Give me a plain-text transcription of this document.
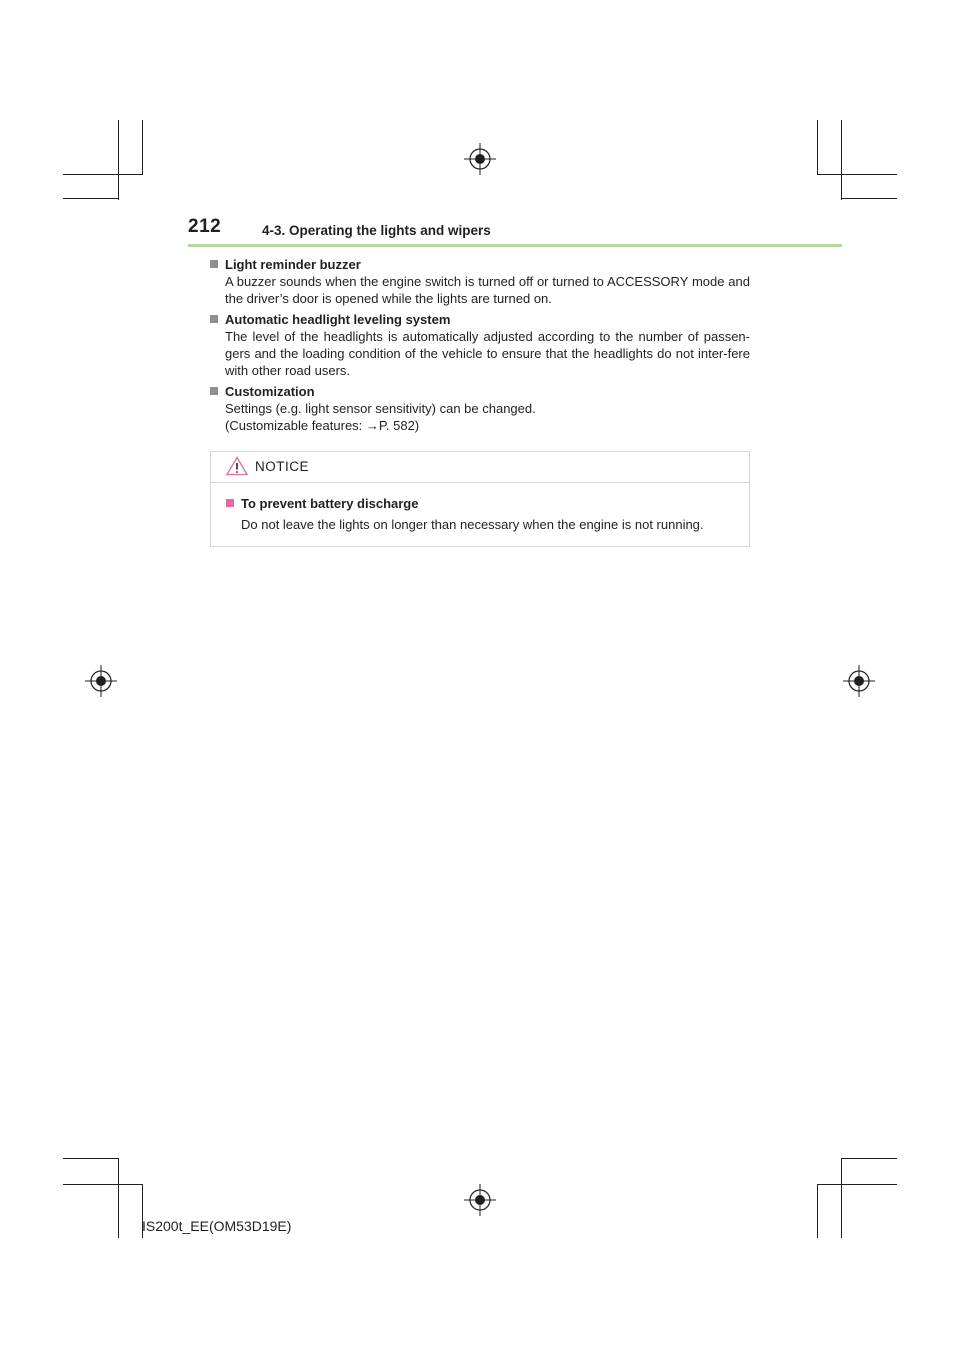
212	4-3. Operating the lights and wipers
Light reminder buzzer
A buzzer sounds when the engine switch is turned off or turned to ACCESSORY mode and the driver’s door is opened while the lights are turned on.
Automatic headlight leveling system
The level of the headlights is automatically adjusted according to the number of passen-gers and the loading condition of the vehicle to ensure that the headlights do not inter-fere with other road users.
Customization
Settings (e.g. light sensor sensitivity) can be changed.
(Customizable features: →P. 582)
NOTICE
To prevent battery discharge
Do not leave the lights on longer than necessary when the engine is not running.
IS200t_EE(OM53D19E)
